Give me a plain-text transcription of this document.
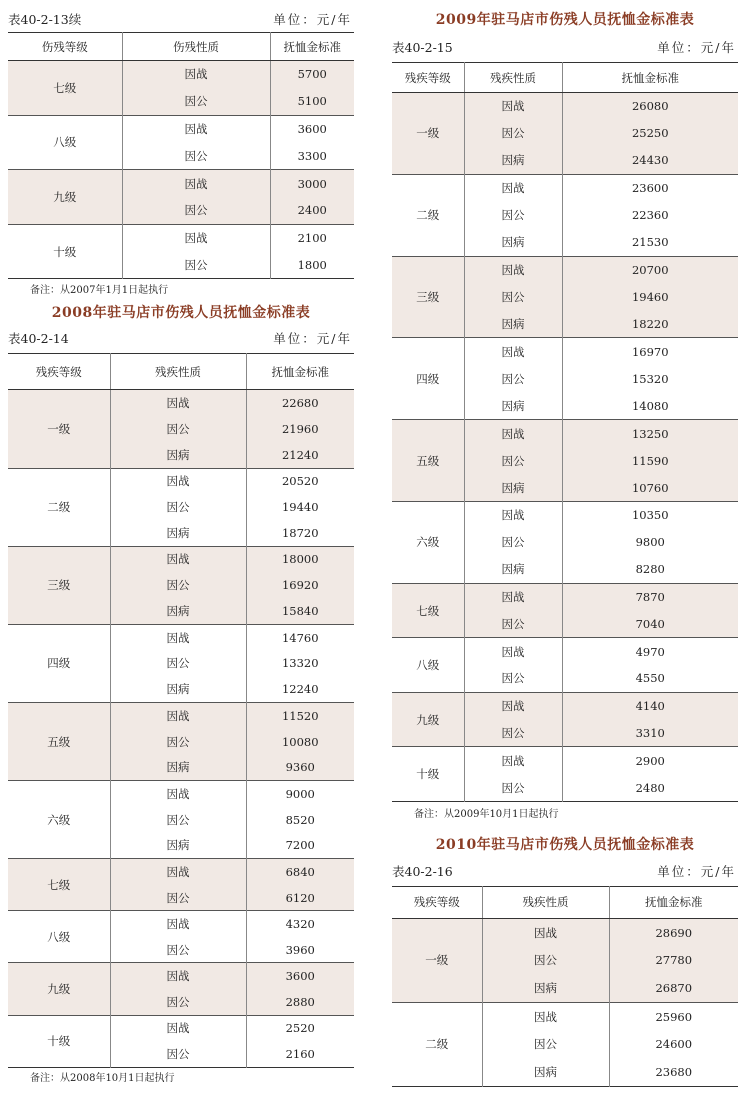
表40-2-13续	单位：元/年
伤残等级	伤残性质	抚恤金标准
七级	因战	5700
	因公	5100
八级	因战	3600
	因公	3300
九级	因战	3000
	因公	2400
十级	因战	2100
	因公	1800
备注：从2007年1月1日起执行
2008年驻马店市伤残人员抚恤金标准表
表40-2-14	单位：元/年
残疾等级	残疾性质	抚恤金标准
一级	因战	22680
	因公	21960
	因病	21240
二级	因战	20520
	因公	19440
	因病	18720
三级	因战	18000
	因公	16920
	因病	15840
四级	因战	14760
	因公	13320
	因病	12240
五级	因战	11520
	因公	10080
	因病	9360
六级	因战	9000
	因公	8520
	因病	7200
七级	因战	6840
	因公	6120
八级	因战	4320
	因公	3960
九级	因战	3600
	因公	2880
十级	因战	2520
	因公	2160
备注：从2008年10月1日起执行
2009年驻马店市伤残人员抚恤金标准表
表40-2-15	单位：元/年
残疾等级	残疾性质	抚恤金标准
一级	因战	26080
	因公	25250
	因病	24430
二级	因战	23600
	因公	22360
	因病	21530
三级	因战	20700
	因公	19460
	因病	18220
四级	因战	16970
	因公	15320
	因病	14080
五级	因战	13250
	因公	11590
	因病	10760
六级	因战	10350
	因公	9800
	因病	8280
七级	因战	7870
	因公	7040
八级	因战	4970
	因公	4550
九级	因战	4140
	因公	3310
十级	因战	2900
	因公	2480
备注：从2009年10月1日起执行
2010年驻马店市伤残人员抚恤金标准表
表40-2-16	单位：元/年
残疾等级	残疾性质	抚恤金标准
一级	因战	28690
	因公	27780
	因病	26870
二级	因战	25960
	因公	24600
	因病	23680
